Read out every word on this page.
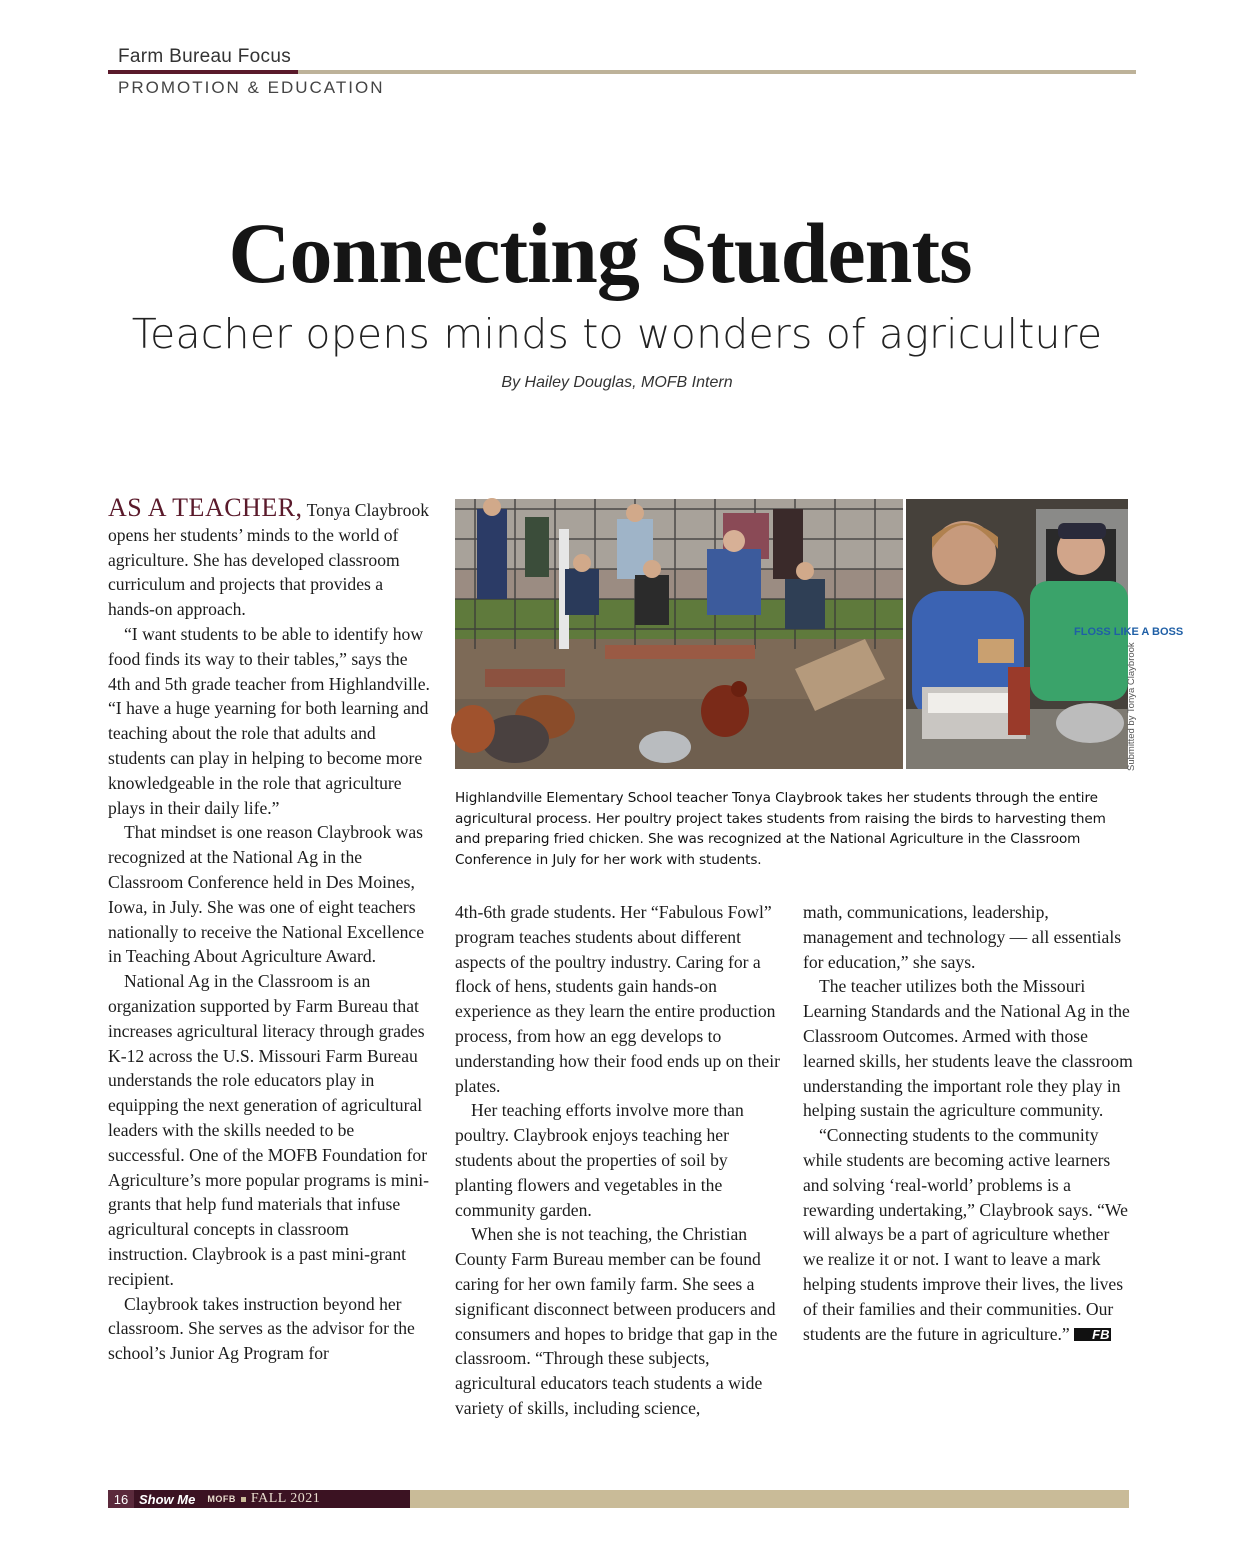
Farm Bureau Focus
PROMOTION & EDUCATION
Connecting Students
Teacher opens minds to wonders of agriculture
By Hailey Douglas, MOFB Intern

AS A TEACHER, Tonya Claybrook opens her students’ minds to the world of agriculture. She has developed classroom curriculum and projects that provides a hands-on approach.

“I want students to be able to identify how food finds its way to their tables,” says the 4th and 5th grade teacher from Highlandville. “I have a huge yearning for both learning and teaching about the role that adults and students can play in helping to become more knowledgeable in the role that agriculture plays in their daily life.”

That mindset is one reason Claybrook was recognized at the National Ag in the Classroom Conference held in Des Moines, Iowa, in July. She was one of eight teachers nationally to receive the National Excellence in Teaching About Agriculture Award.

National Ag in the Classroom is an organization supported by Farm Bureau that increases agricultural literacy through grades K-12 across the U.S. Missouri Farm Bureau understands the role educators play in equipping the next generation of agricultural leaders with the skills needed to be successful. One of the MOFB Foundation for Agriculture’s more popular programs is mini-grants that help fund materials that infuse agricultural concepts in classroom instruction. Claybrook is a past mini-grant recipient.

Claybrook takes instruction beyond her classroom. She serves as the advisor for the school’s Junior Ag Program for

FLOSS LIKE A BOSS
Submitted by Tonya Claybrook
Highlandville Elementary School teacher Tonya Claybrook takes her students through the entire agricultural process. Her poultry project takes students from raising the birds to harvesting them and preparing fried chicken. She was recognized at the National Agriculture in the Classroom Conference in July for her work with students.

4th-6th grade students. Her “Fabulous Fowl” program teaches students about different aspects of the poultry industry. Caring for a flock of hens, students gain hands-on experience as they learn the entire production process, from how an egg develops to understanding how their food ends up on their plates.

Her teaching efforts involve more than poultry. Claybrook enjoys teaching her students about the properties of soil by planting flowers and vegetables in the community garden.

When she is not teaching, the Christian County Farm Bureau member can be found caring for her own family farm. She sees a significant disconnect between producers and consumers and hopes to bridge that gap in the classroom. “Through these subjects, agricultural educators teach students a wide variety of skills, including science,

math, communications, leadership, management and technology — all essentials for education,” she says.

The teacher utilizes both the Missouri Learning Standards and the National Ag in the Classroom Outcomes. Armed with those learned skills, her students leave the classroom understanding the important role they play in helping sustain the agriculture community.

“Connecting students to the community while students are becoming active learners and solving ‘real-world’ problems is a rewarding undertaking,” Claybrook says. “We will always be a part of agriculture whether we realize it or not. I want to leave a mark helping students improve their lives, the lives of their families and their communities. Our students are the future in agriculture.” FB

16 Show Me MOFB FALL 2021
